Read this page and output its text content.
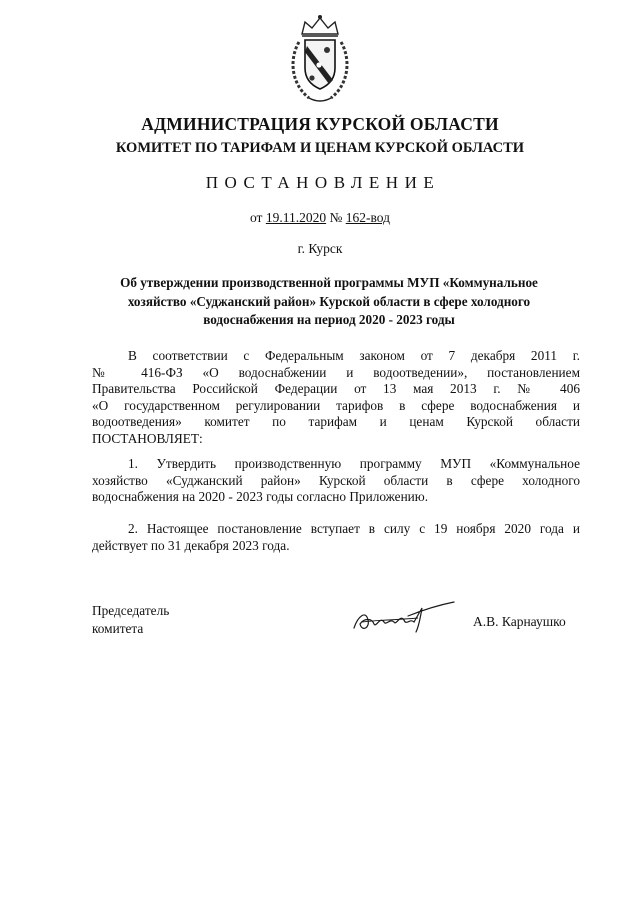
АДМИНИСТРАЦИЯ КУРСКОЙ ОБЛАСТИ
КОМИТЕТ ПО ТАРИФАМ И ЦЕНАМ КУРСКОЙ ОБЛАСТИ
ПОСТАНОВЛЕНИЕ
от 19.11.2020 № 162-вод
г. Курск
Об утверждении производственной программы МУП «Коммунальное
хозяйство «Суджанский район» Курской области в сфере холодного
водоснабжения на период 2020 - 2023 годы
В соответствии с Федеральным законом от 7 декабря 2011 г.
№ 416-ФЗ «О водоснабжении и водоотведении», постановлением
Правительства Российской Федерации от 13 мая 2013 г. № 406
«О государственном регулировании тарифов в сфере водоснабжения и
водоотведения» комитет по тарифам и ценам Курской области
ПОСТАНОВЛЯЕТ:
1. Утвердить производственную программу МУП «Коммунальное
хозяйство «Суджанский район» Курской области в сфере холодного
водоснабжения на 2020 - 2023 годы согласно Приложению.
2. Настоящее постановление вступает в силу с 19 ноября 2020 года и
действует по 31 декабря 2023 года.
Председатель
комитета	А.В. Карнаушко
